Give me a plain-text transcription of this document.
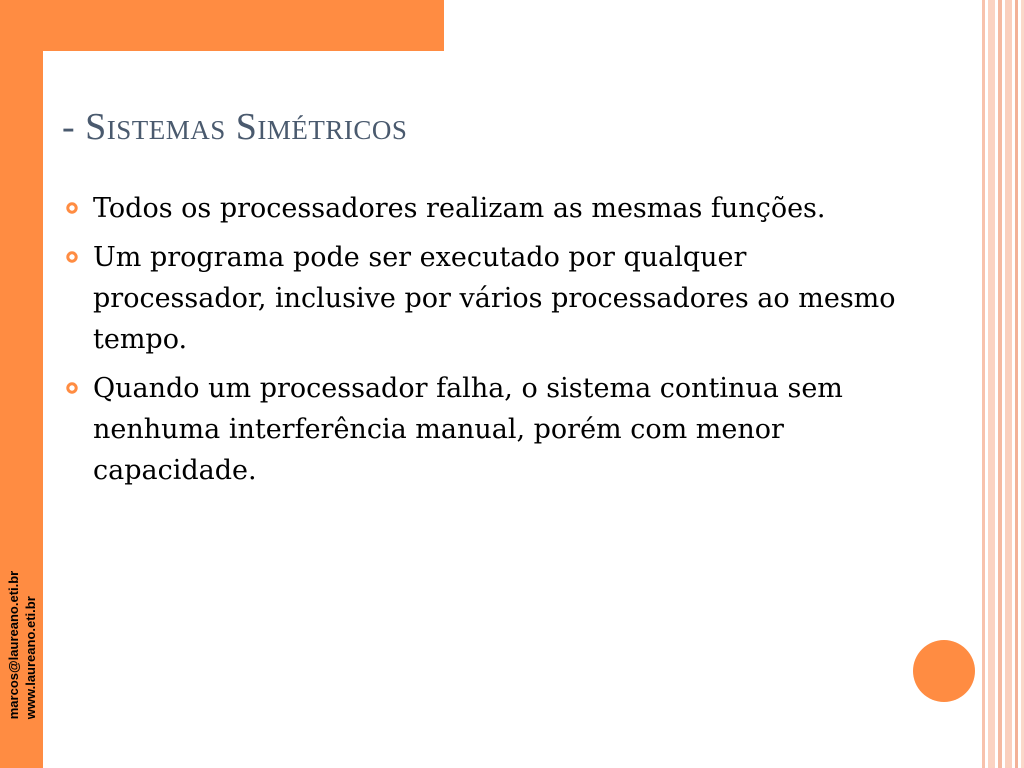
marcos@laureano.eti.br www.laureano.eti.br
- Sistemas Simétricos
Todos os processadores realizam as mesmas funções.
Um programa pode ser executado por qualquer processador, inclusive por vários processadores ao mesmo tempo.
Quando um processador falha, o sistema continua sem nenhuma interferência manual, porém com menor capacidade.
